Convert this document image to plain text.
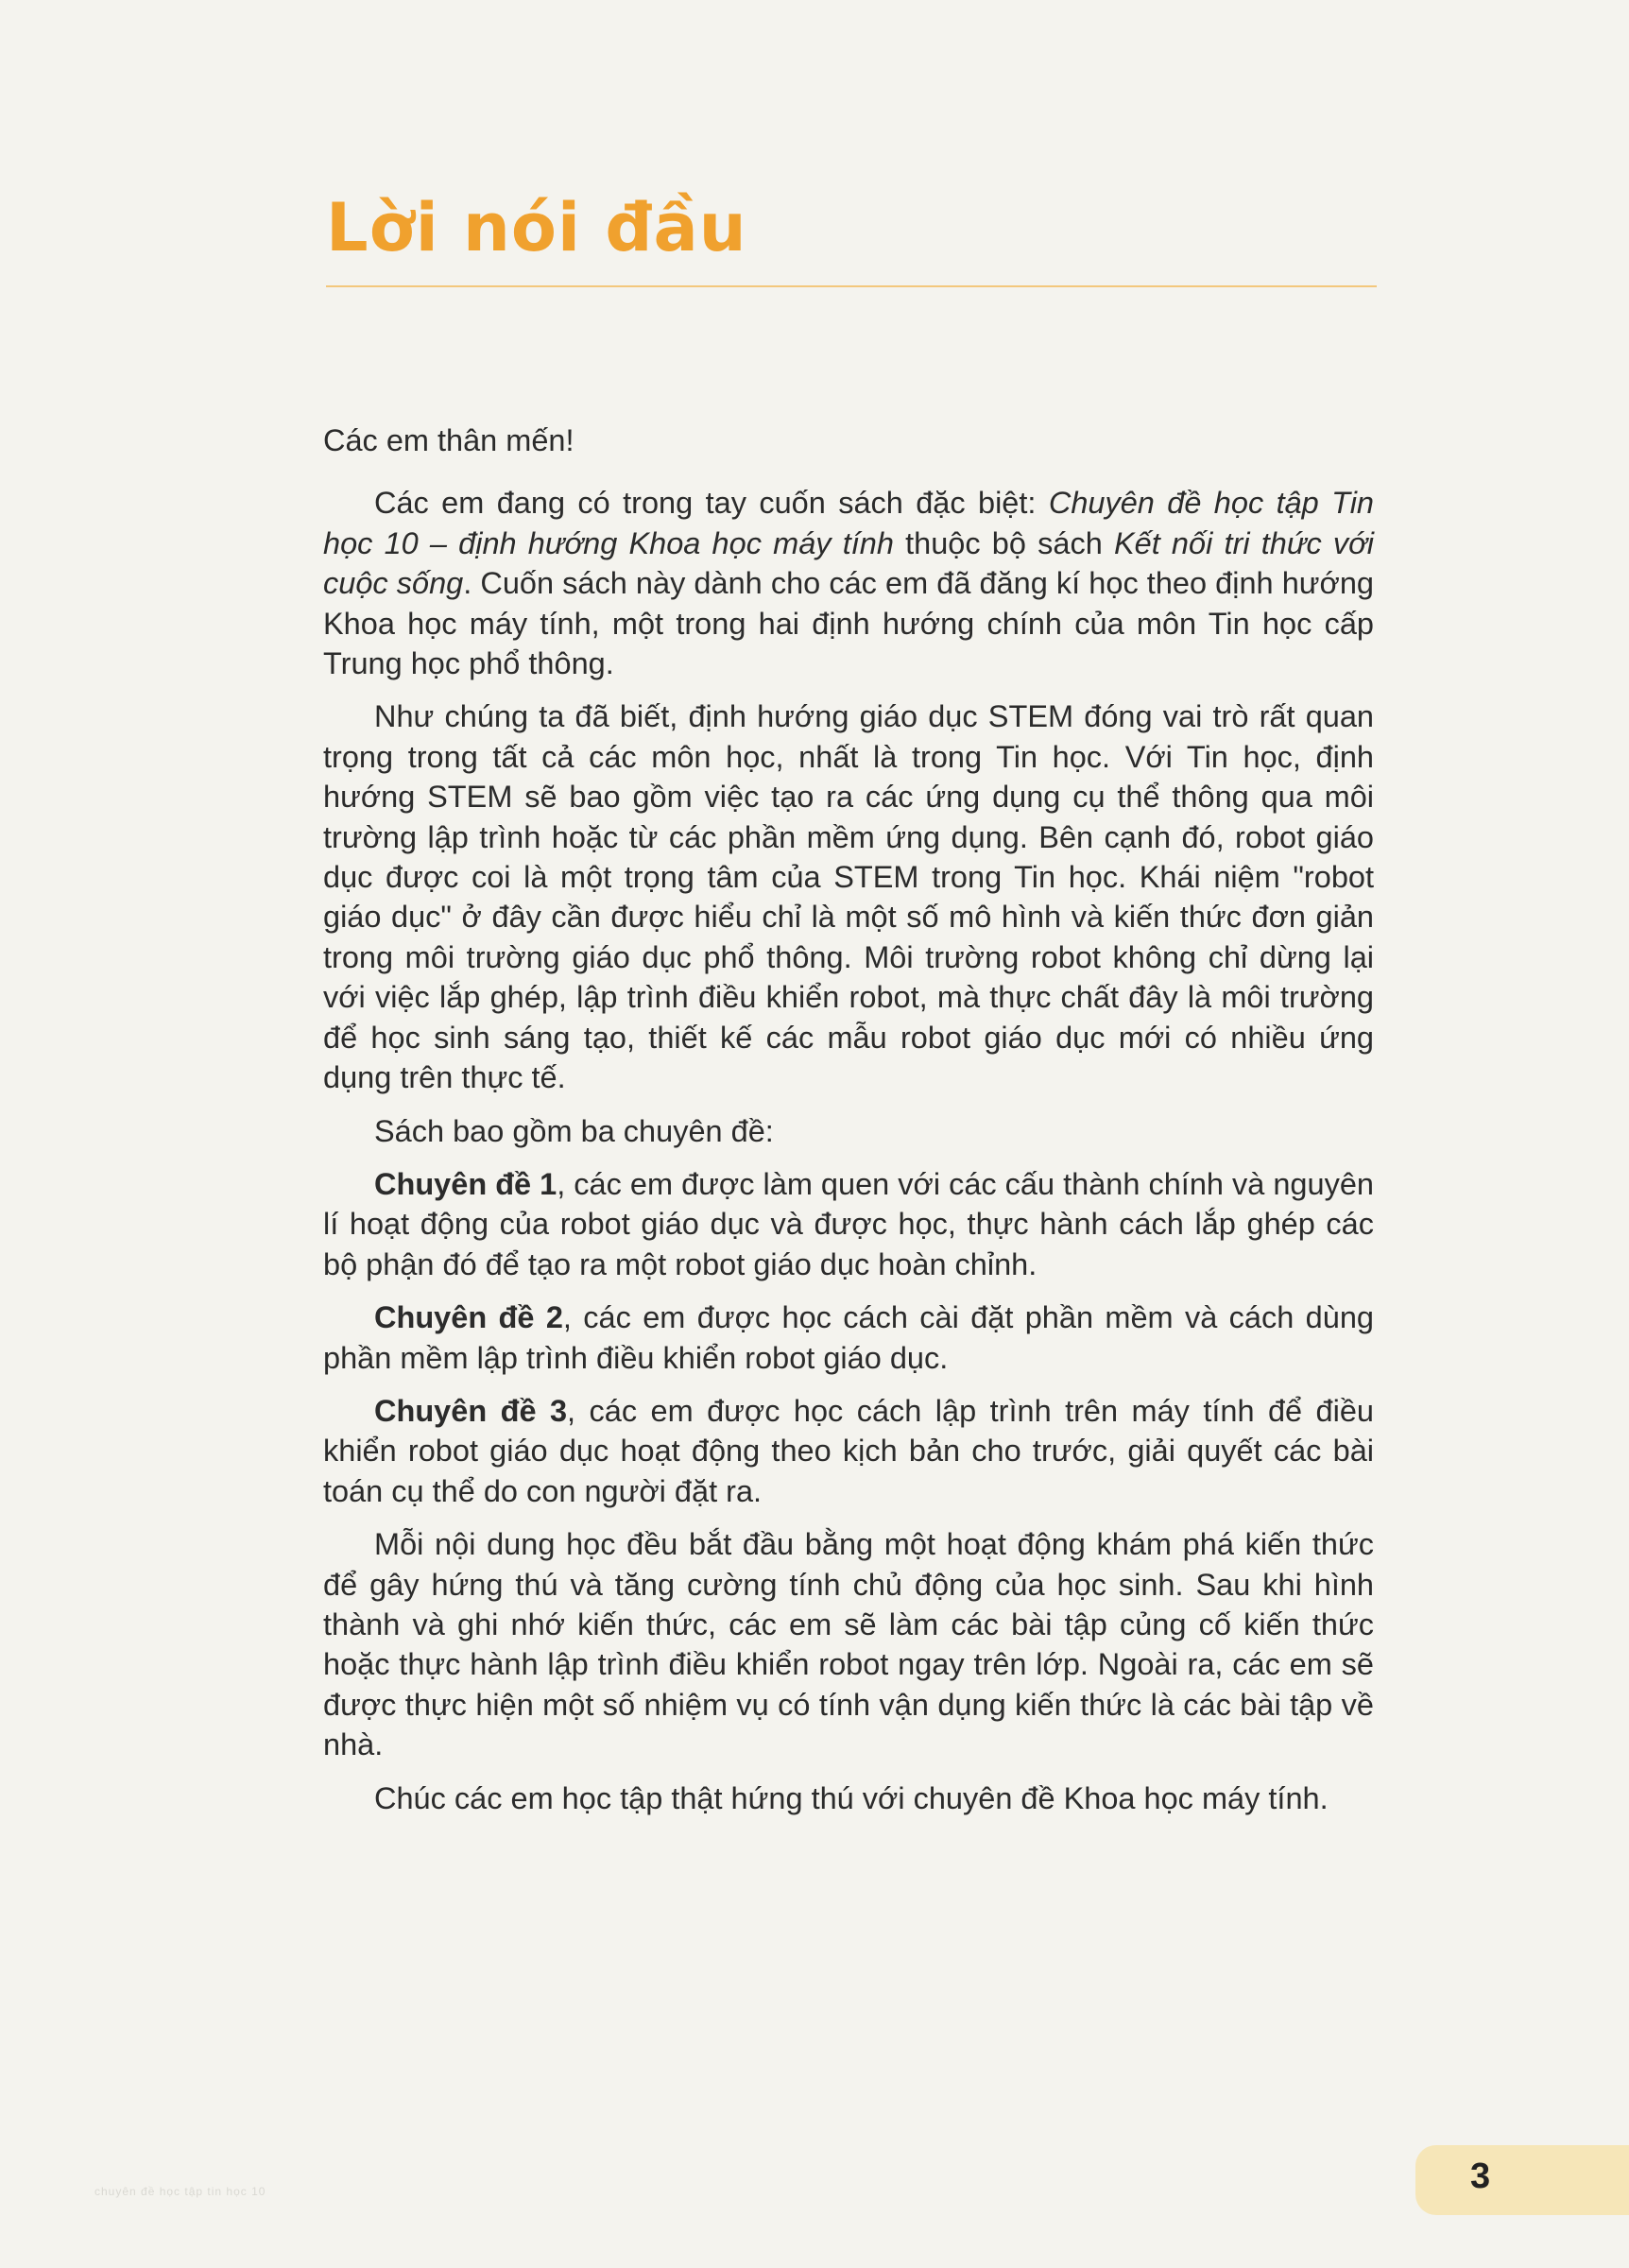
Lời nói đầu

Các em thân mến!

Các em đang có trong tay cuốn sách đặc biệt: Chuyên đề học tập Tin học 10 – định hướng Khoa học máy tính thuộc bộ sách Kết nối tri thức với cuộc sống. Cuốn sách này dành cho các em đã đăng kí học theo định hướng Khoa học máy tính, một trong hai định hướng chính của môn Tin học cấp Trung học phổ thông.

Như chúng ta đã biết, định hướng giáo dục STEM đóng vai trò rất quan trọng trong tất cả các môn học, nhất là trong Tin học. Với Tin học, định hướng STEM sẽ bao gồm việc tạo ra các ứng dụng cụ thể thông qua môi trường lập trình hoặc từ các phần mềm ứng dụng. Bên cạnh đó, robot giáo dục được coi là một trọng tâm của STEM trong Tin học. Khái niệm "robot giáo dục" ở đây cần được hiểu chỉ là một số mô hình và kiến thức đơn giản trong môi trường giáo dục phổ thông. Môi trường robot không chỉ dừng lại với việc lắp ghép, lập trình điều khiển robot, mà thực chất đây là môi trường để học sinh sáng tạo, thiết kế các mẫu robot giáo dục mới có nhiều ứng dụng trên thực tế.

Sách bao gồm ba chuyên đề:

Chuyên đề 1, các em được làm quen với các cấu thành chính và nguyên lí hoạt động của robot giáo dục và được học, thực hành cách lắp ghép các bộ phận đó để tạo ra một robot giáo dục hoàn chỉnh.

Chuyên đề 2, các em được học cách cài đặt phần mềm và cách dùng phần mềm lập trình điều khiển robot giáo dục.

Chuyên đề 3, các em được học cách lập trình trên máy tính để điều khiển robot giáo dục hoạt động theo kịch bản cho trước, giải quyết các bài toán cụ thể do con người đặt ra.

Mỗi nội dung học đều bắt đầu bằng một hoạt động khám phá kiến thức để gây hứng thú và tăng cường tính chủ động của học sinh. Sau khi hình thành và ghi nhớ kiến thức, các em sẽ làm các bài tập củng cố kiến thức hoặc thực hành lập trình điều khiển robot ngay trên lớp. Ngoài ra, các em sẽ được thực hiện một số nhiệm vụ có tính vận dụng kiến thức là các bài tập về nhà.

Chúc các em học tập thật hứng thú với chuyên đề Khoa học máy tính.

chuyên đề học tập tin học 10	3
